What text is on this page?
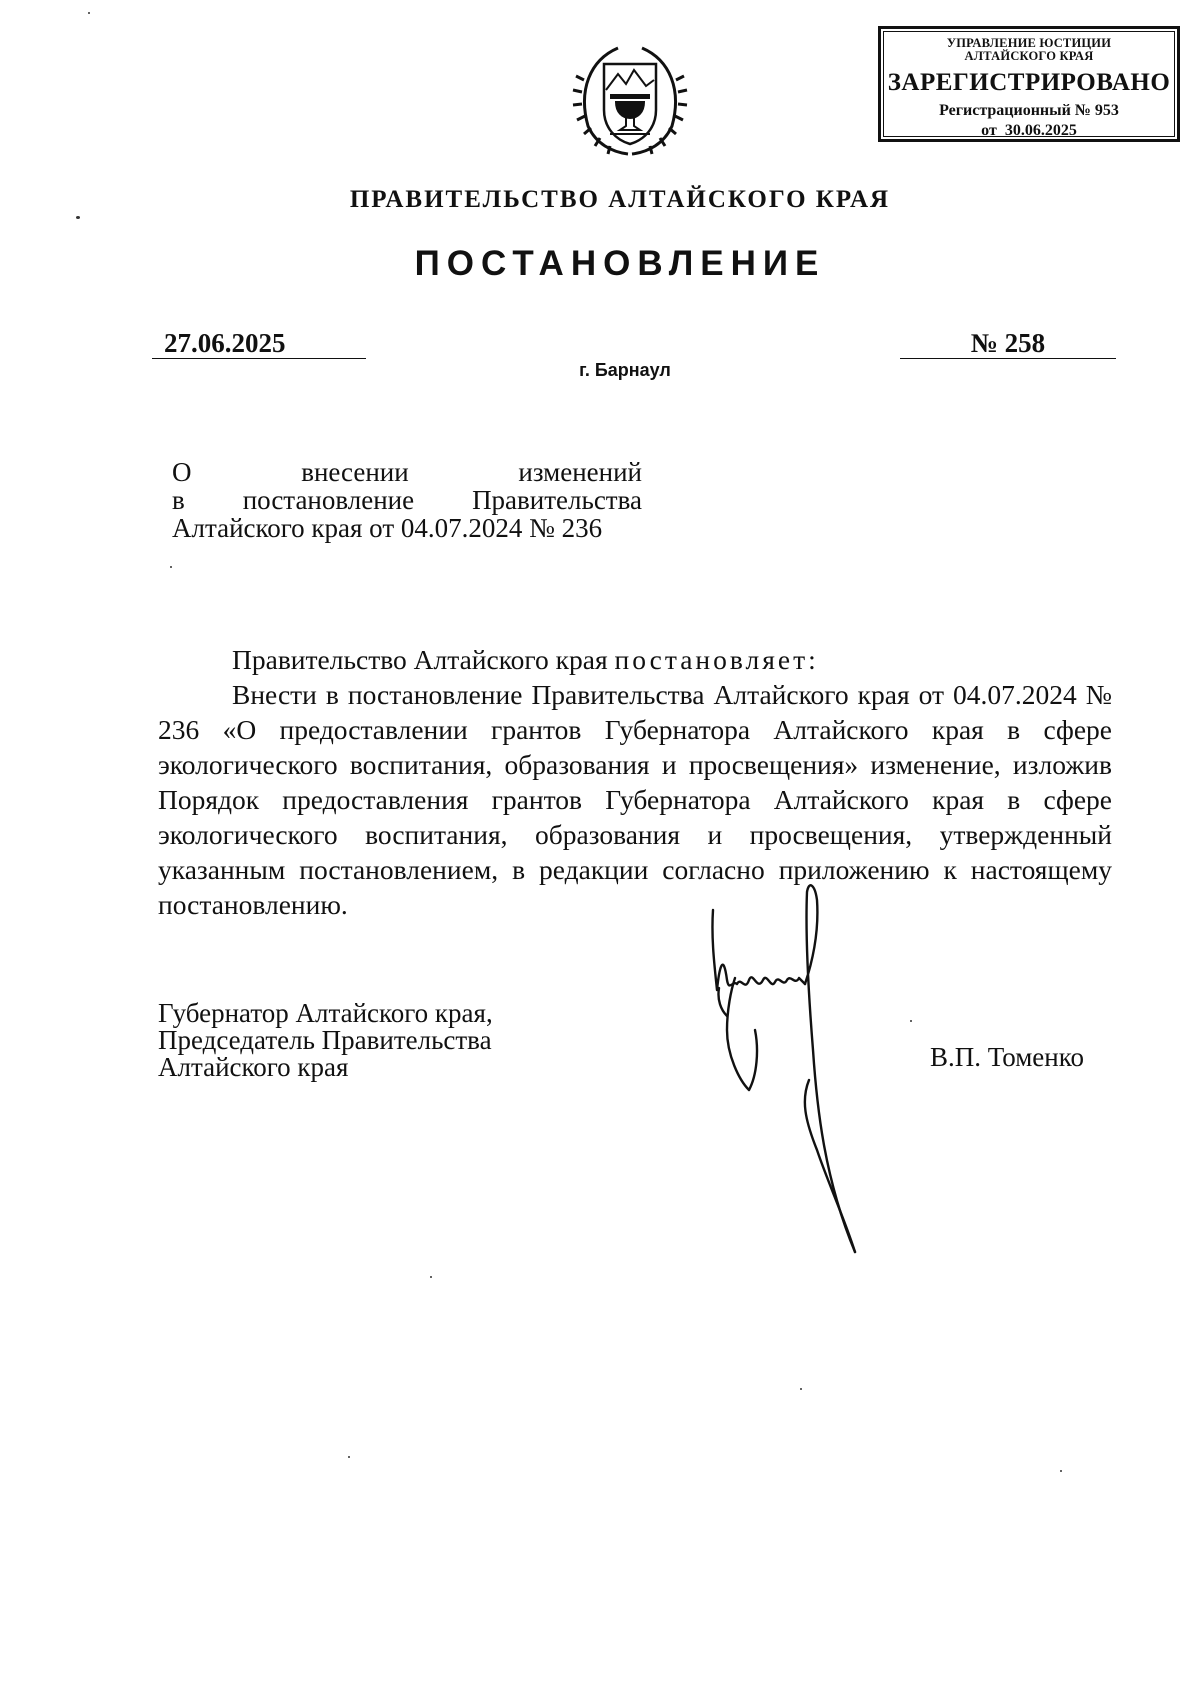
УПРАВЛЕНИЕ ЮСТИЦИИ
АЛТАЙСКОГО КРАЯ
ЗАРЕГИСТРИРОВАНО
Регистрационный № 953
от  30.06.2025
ПРАВИТЕЛЬСТВО АЛТАЙСКОГО КРАЯ
ПОСТАНОВЛЕНИЕ
27.06.2025	№ 258
г. Барнаул
О	внесении	изменений
в постановление Правительства
Алтайского края от 04.07.2024 № 236

Правительство Алтайского края постановляет:

Внести в постановление Правительства Алтайского края от 04.07.2024 № 236 «О предоставлении грантов Губернатора Алтайского края в сфере экологического воспитания, образования и просвещения» изменение, изложив Порядок предоставления грантов Губернатора Алтайского края в сфере экологического воспитания, образования и просвещения, утвержденный указанным постановлением, в редакции согласно приложению к настоящему постановлению.

Губернатор Алтайского края,
Председатель Правительства
Алтайского края	В.П. Томенко
